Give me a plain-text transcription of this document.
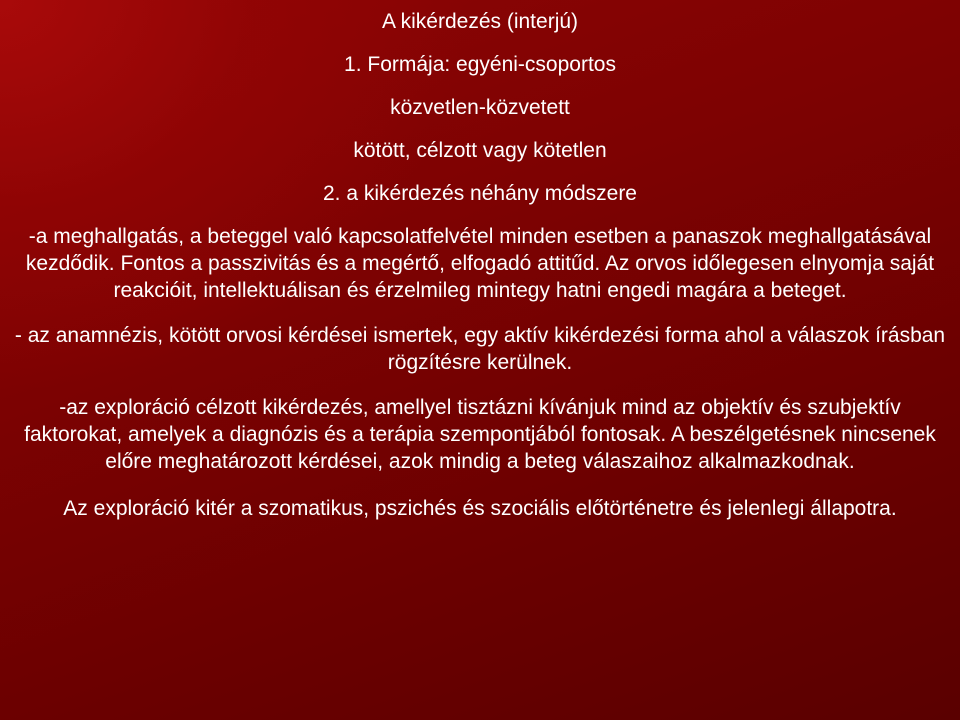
A kikérdezés (interjú)

1. Formája: egyéni-csoportos

közvetlen-közvetett

kötött, célzott vagy kötetlen

2. a kikérdezés néhány módszere

-a meghallgatás, a beteggel való kapcsolatfelvétel minden esetben a panaszok meghallgatásával kezdődik. Fontos a passzivitás és a megértő, elfogadó attitűd. Az orvos időlegesen elnyomja saját reakcióit, intellektuálisan és érzelmileg mintegy hatni engedi magára a beteget.

- az anamnézis, kötött orvosi kérdései ismertek, egy aktív kikérdezési forma ahol a válaszok írásban rögzítésre kerülnek.

-az exploráció célzott kikérdezés, amellyel tisztázni kívánjuk mind az objektív és szubjektív faktorokat, amelyek a diagnózis és a terápia szempontjából fontosak. A beszélgetésnek nincsenek előre meghatározott kérdései, azok mindig a beteg válaszaihoz alkalmazkodnak.

Az exploráció kitér a szomatikus, pszichés és szociális előtörténetre és jelenlegi állapotra.
